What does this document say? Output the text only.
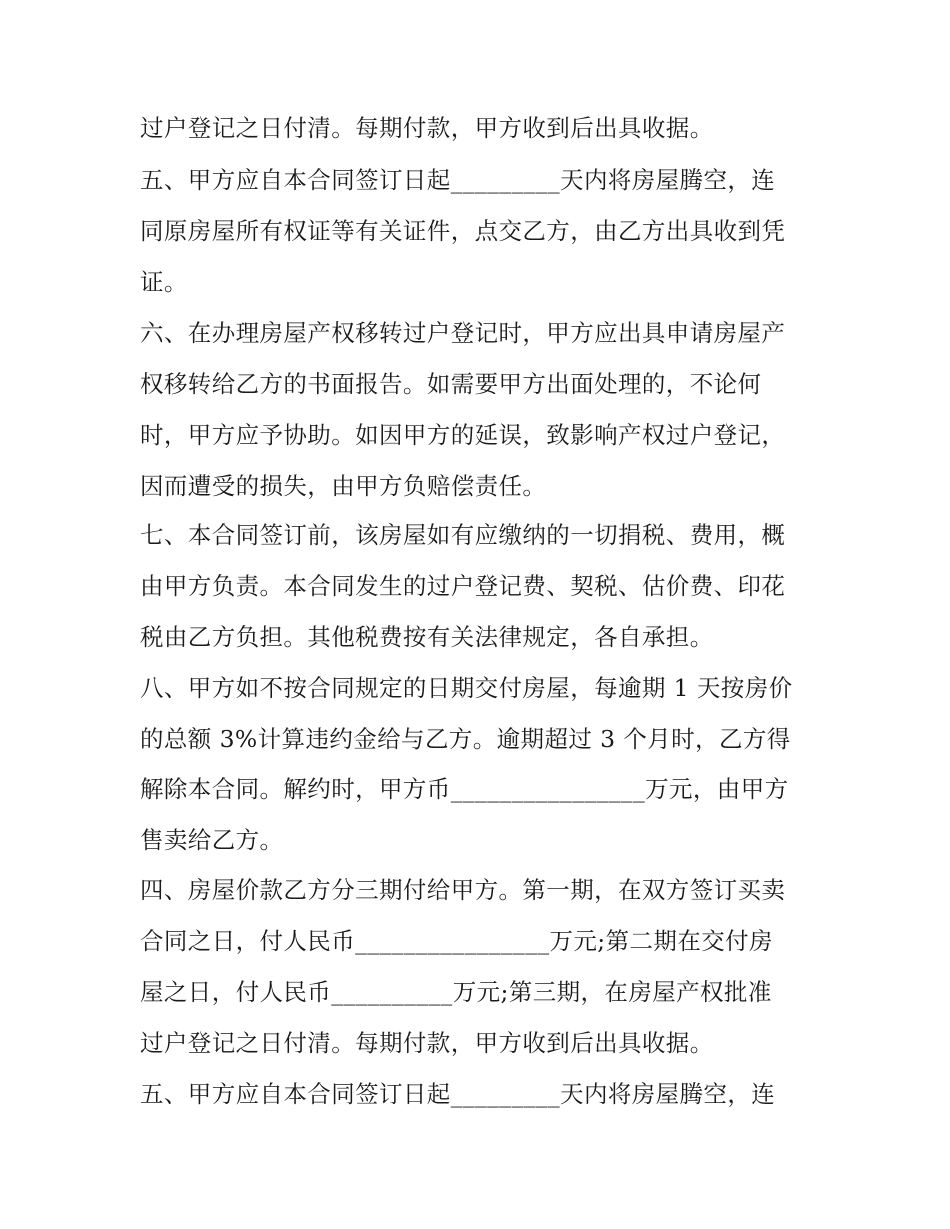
过户登记之日付清。每期付款，甲方收到后出具收据。
五、甲方应自本合同签订日起_________天内将房屋腾空，连
同原房屋所有权证等有关证件，点交乙方，由乙方出具收到凭
证。
六、在办理房屋产权移转过户登记时，甲方应出具申请房屋产
权移转给乙方的书面报告。如需要甲方出面处理的，不论何
时，甲方应予协助。如因甲方的延误，致影响产权过户登记，
因而遭受的损失，由甲方负赔偿责任。
七、本合同签订前，该房屋如有应缴纳的一切捐税、费用，概
由甲方负责。本合同发生的过户登记费、契税、估价费、印花
税由乙方负担。其他税费按有关法律规定，各自承担。
八、甲方如不按合同规定的日期交付房屋，每逾期 1 天按房价
的总额 3%计算违约金给与乙方。逾期超过 3 个月时，乙方得
解除本合同。解约时，甲方币________________万元，由甲方
售卖给乙方。
四、房屋价款乙方分三期付给甲方。第一期，在双方签订买卖
合同之日，付人民币________________万元;第二期在交付房
屋之日，付人民币__________万元;第三期，在房屋产权批准
过户登记之日付清。每期付款，甲方收到后出具收据。
五、甲方应自本合同签订日起_________天内将房屋腾空，连
